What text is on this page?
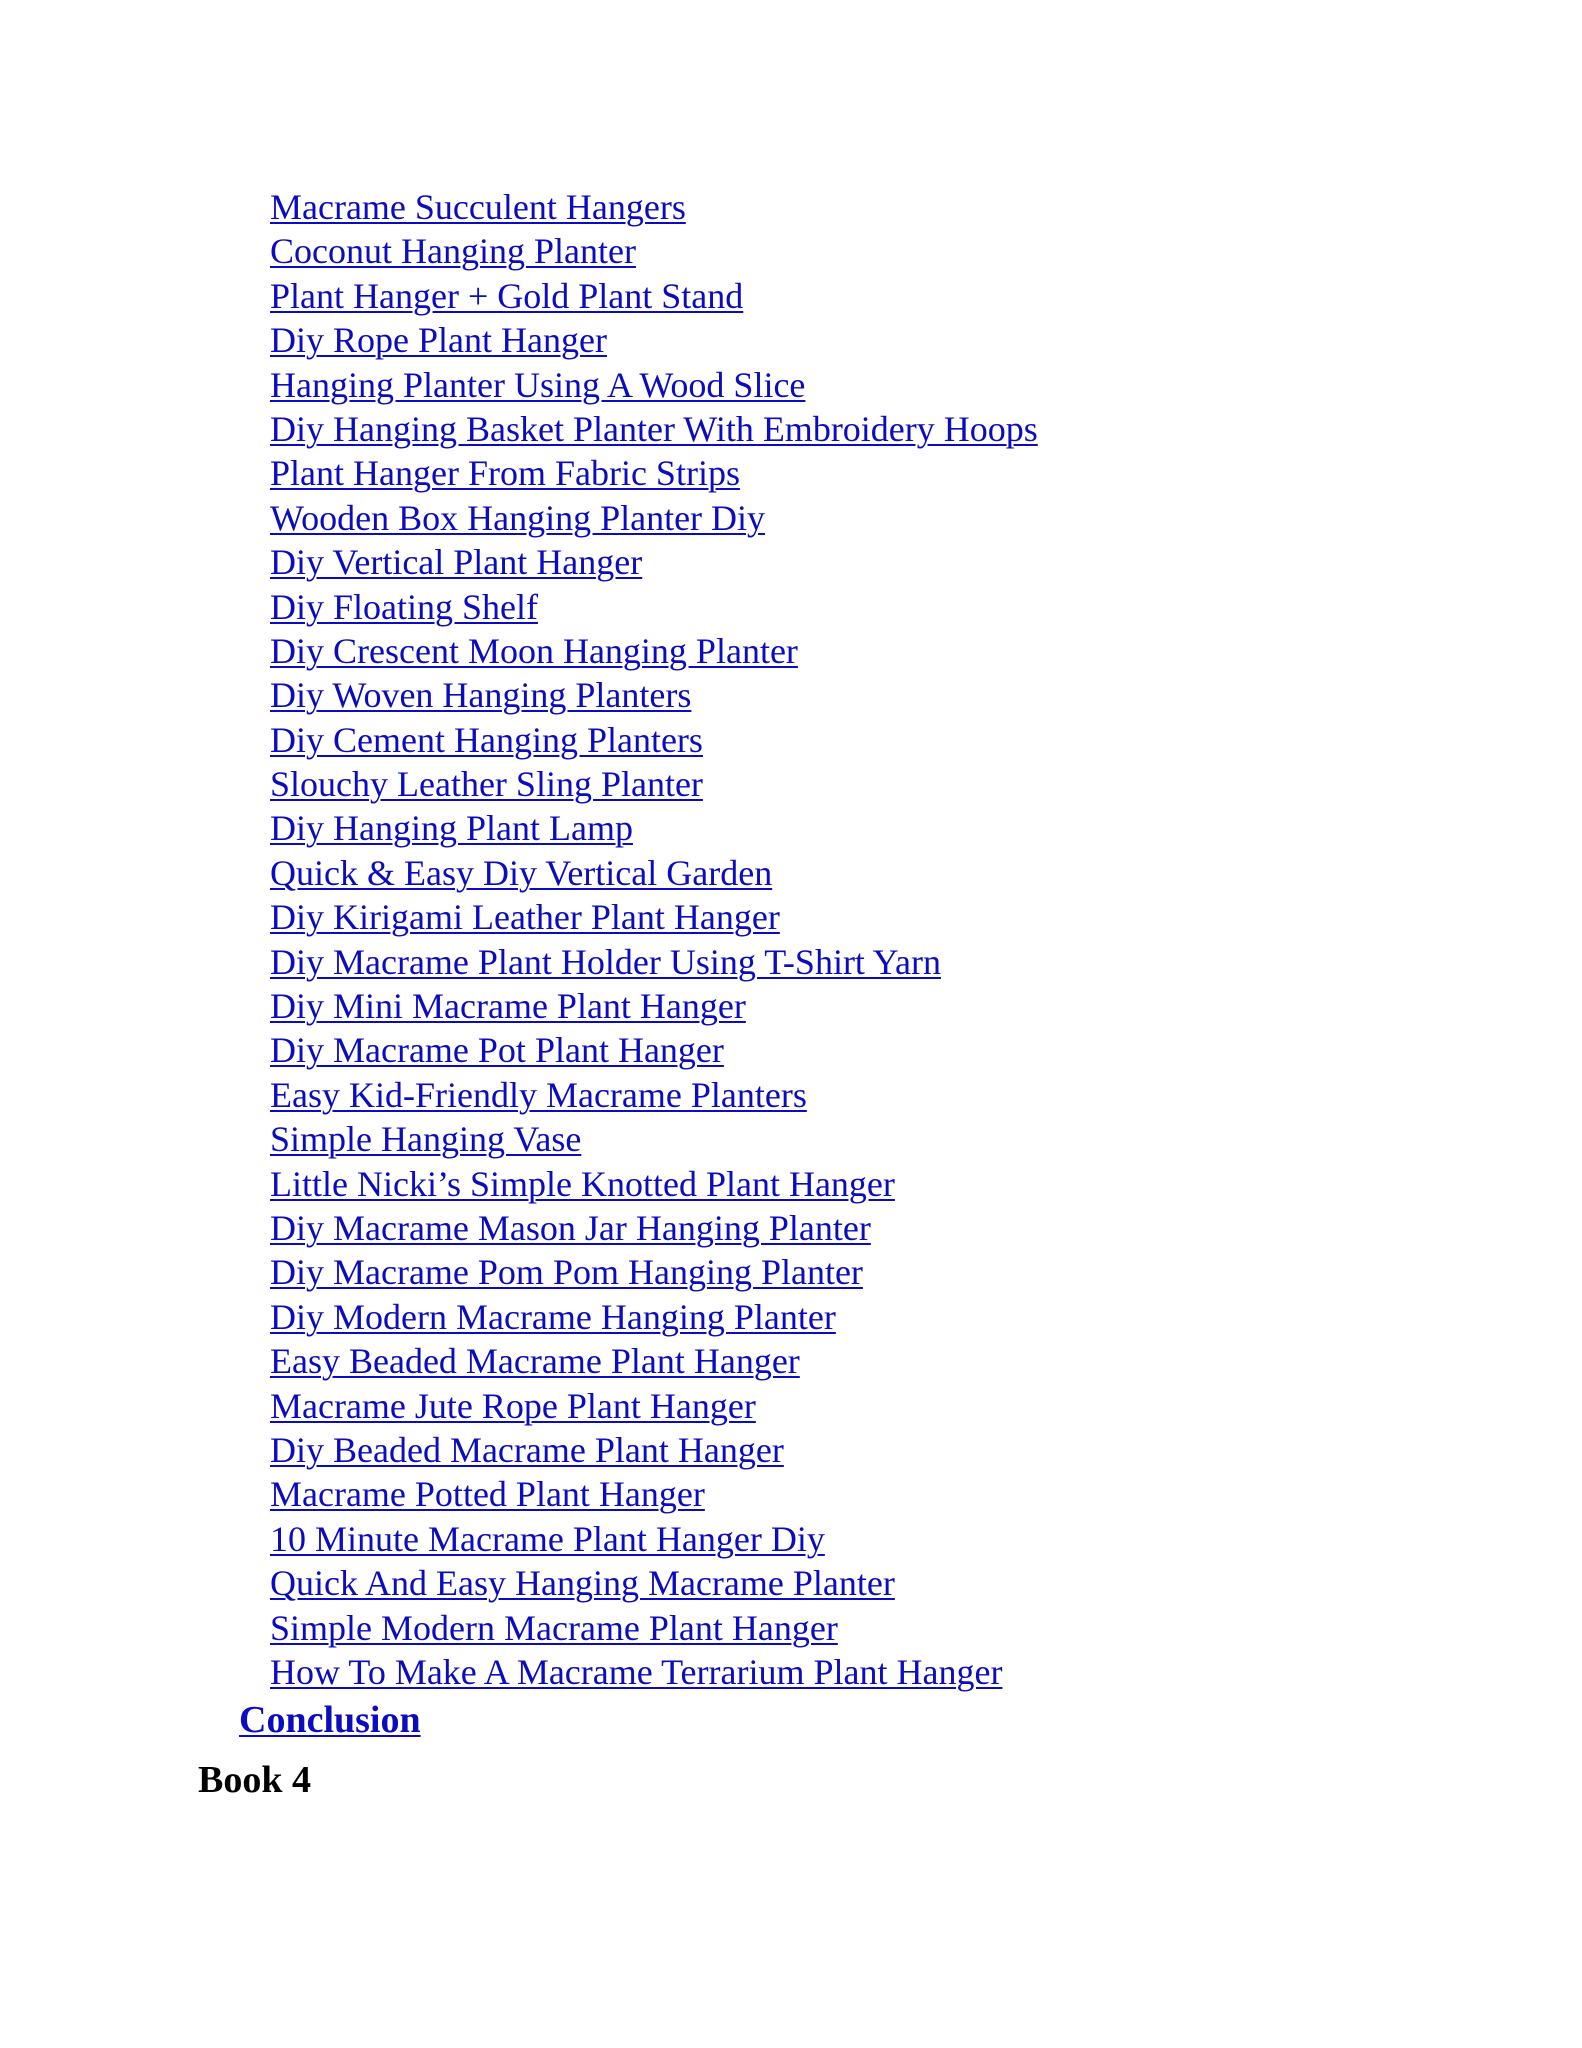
Macrame Succulent Hangers
Coconut Hanging Planter
Plant Hanger + Gold Plant Stand
Diy Rope Plant Hanger
Hanging Planter Using A Wood Slice
Diy Hanging Basket Planter With Embroidery Hoops
Plant Hanger From Fabric Strips
Wooden Box Hanging Planter Diy
Diy Vertical Plant Hanger
Diy Floating Shelf
Diy Crescent Moon Hanging Planter
Diy Woven Hanging Planters
Diy Cement Hanging Planters
Slouchy Leather Sling Planter
Diy Hanging Plant Lamp
Quick & Easy Diy Vertical Garden
Diy Kirigami Leather Plant Hanger
Diy Macrame Plant Holder Using T-Shirt Yarn
Diy Mini Macrame Plant Hanger
Diy Macrame Pot Plant Hanger
Easy Kid-Friendly Macrame Planters
Simple Hanging Vase
Little Nicki’s Simple Knotted Plant Hanger
Diy Macrame Mason Jar Hanging Planter
Diy Macrame Pom Pom Hanging Planter
Diy Modern Macrame Hanging Planter
Easy Beaded Macrame Plant Hanger
Macrame Jute Rope Plant Hanger
Diy Beaded Macrame Plant Hanger
Macrame Potted Plant Hanger
10 Minute Macrame Plant Hanger Diy
Quick And Easy Hanging Macrame Planter
Simple Modern Macrame Plant Hanger
How To Make A Macrame Terrarium Plant Hanger
Conclusion
Book 4
